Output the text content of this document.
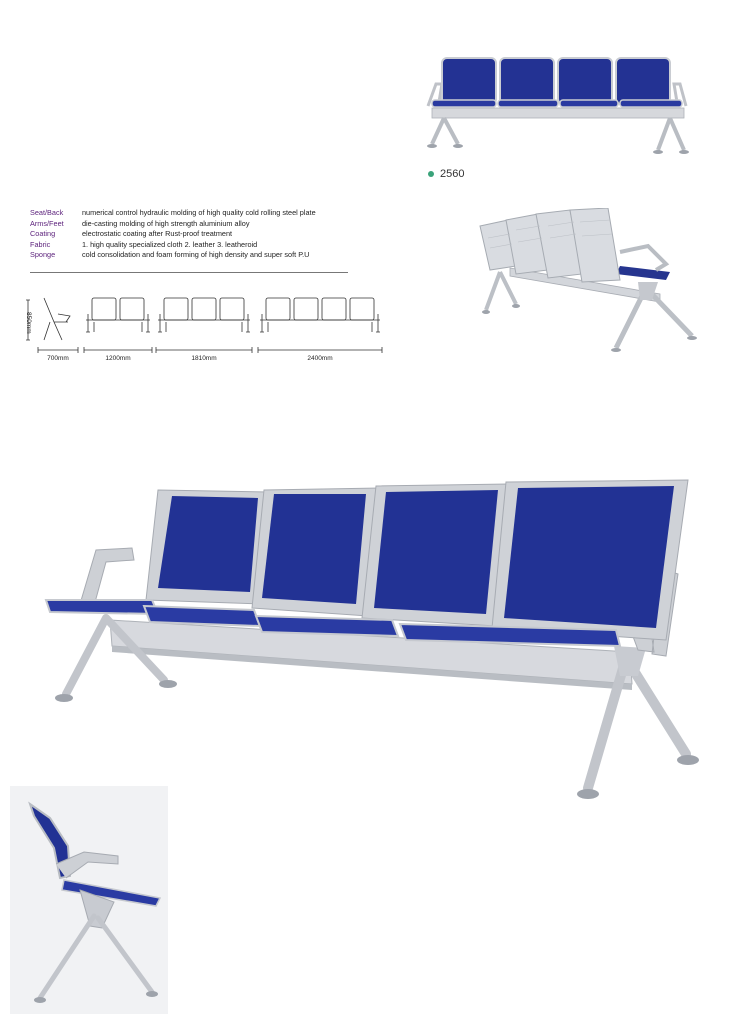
2560
Seat/Back	numerical control hydraulic molding of high quality cold rolling steel plate
Arms/Feet	die-casting molding of high strength aluminium alloy
Coating	electrostatic coating after Rust-proof treatment
Fabric	1. high quality specialized cloth 2. leather 3. leatheroid
Sponge	cold consolidation and foam forming of high density and super soft P.U
850mm
700mm	1200mm	1810mm	2400mm
